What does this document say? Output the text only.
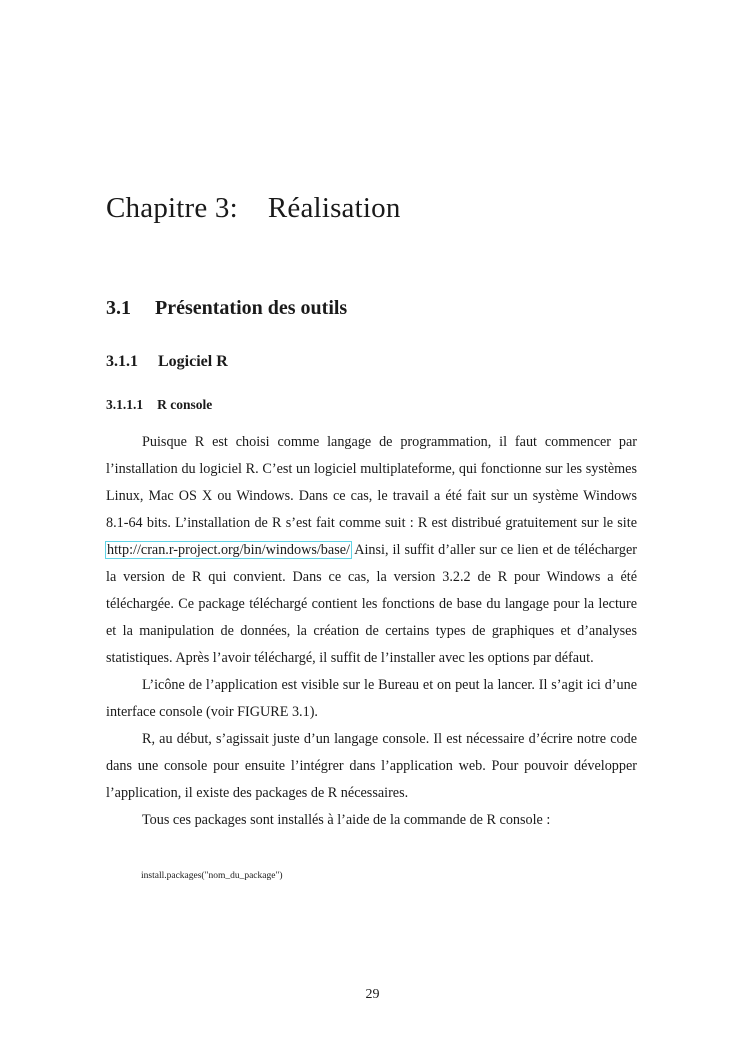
Chapitre 3: Réalisation
3.1 Présentation des outils
3.1.1 Logiciel R
3.1.1.1 R console

Puisque R est choisi comme langage de programmation, il faut commencer par l’installation du logiciel R. C’est un logiciel multiplateforme, qui fonctionne sur les systèmes Linux, Mac OS X ou Windows. Dans ce cas, le travail a été fait sur un système Windows 8.1-64 bits. L’installation de R s’est fait comme suit : R est distribué gratuitement sur le site http://cran.r-project.org/bin/windows/base/ Ainsi, il suffit d’aller sur ce lien et de télécharger la version de R qui convient. Dans ce cas, la version 3.2.2 de R pour Windows a été téléchargée. Ce package téléchargé contient les fonctions de base du langage pour la lecture et la manipulation de données, la création de certains types de graphiques et d’analyses statistiques. Après l’avoir téléchargé, il suffit de l’installer avec les options par défaut.

L’icône de l’application est visible sur le Bureau et on peut la lancer. Il s’agit ici d’une interface console (voir FIGURE 3.1).

R, au début, s’agissait juste d’un langage console. Il est nécessaire d’écrire notre code dans une console pour ensuite l’intégrer dans l’application web. Pour pouvoir développer l’application, il existe des packages de R nécessaires.

Tous ces packages sont installés à l’aide de la commande de R console :

install.packages("nom_du_package")
29
